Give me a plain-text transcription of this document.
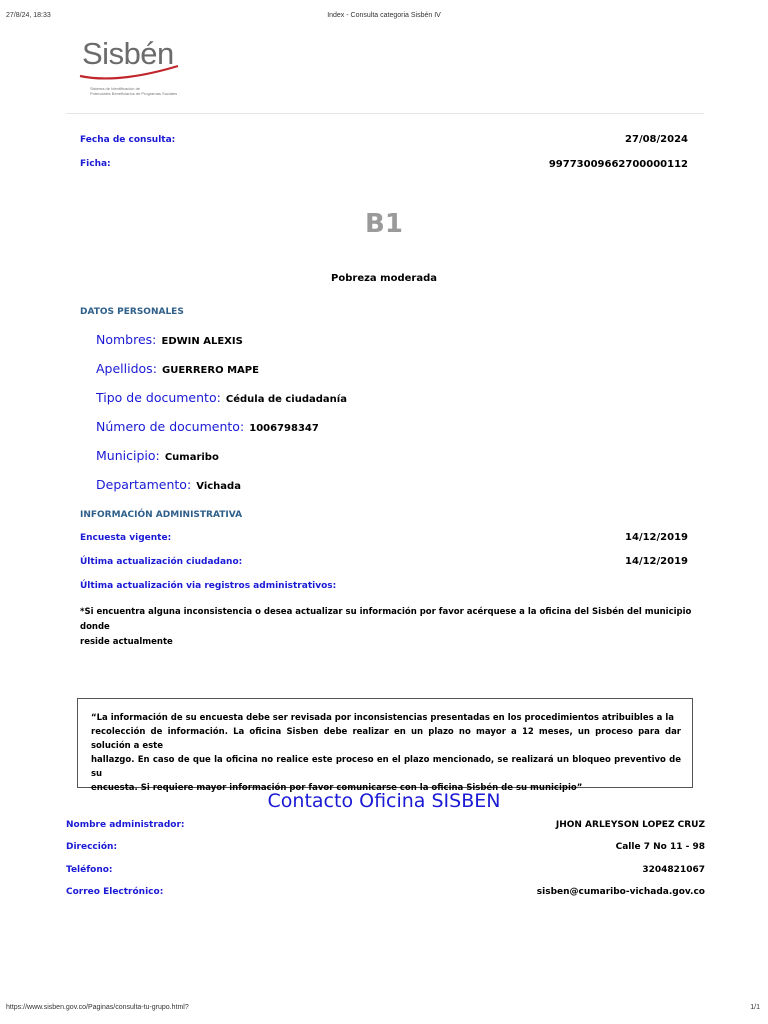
27/8/24, 18:33	Index - Consulta categoria Sisbén IV
Sisbén
Sistema de Identificación de
Potenciales Beneficiarios de Programas Sociales
Fecha de consulta:	27/08/2024
Ficha:	99773009662700000112
B1
Pobreza moderada
DATOS PERSONALES
Nombres: EDWIN ALEXIS
Apellidos: GUERRERO MAPE
Tipo de documento: Cédula de ciudadanía
Número de documento: 1006798347
Municipio: Cumaribo
Departamento: Vichada
INFORMACIÓN ADMINISTRATIVA
Encuesta vigente:	14/12/2019
Última actualización ciudadano:	14/12/2019
Última actualización via registros administrativos:
*Si encuentra alguna inconsistencia o desea actualizar su información por favor acérquese a la oficina del Sisbén del municipio donde
reside actualmente
“La información de su encuesta debe ser revisada por inconsistencias presentadas en los procedimientos atribuibles a la
recolección de información. La oficina Sisben debe realizar en un plazo no mayor a 12 meses, un proceso para dar solución a este
hallazgo. En caso de que la oficina no realice este proceso en el plazo mencionado, se realizará un bloqueo preventivo de su
encuesta. Si requiere mayor información por favor comunicarse con la oficina Sisbén de su municipio”
Contacto Oficina SISBEN
Nombre administrador:	JHON ARLEYSON LOPEZ CRUZ
Dirección:	Calle 7 No 11 - 98
Teléfono:	3204821067
Correo Electrónico:	sisben@cumaribo-vichada.gov.co
https://www.sisben.gov.co/Paginas/consulta-tu-grupo.html?	1/1
